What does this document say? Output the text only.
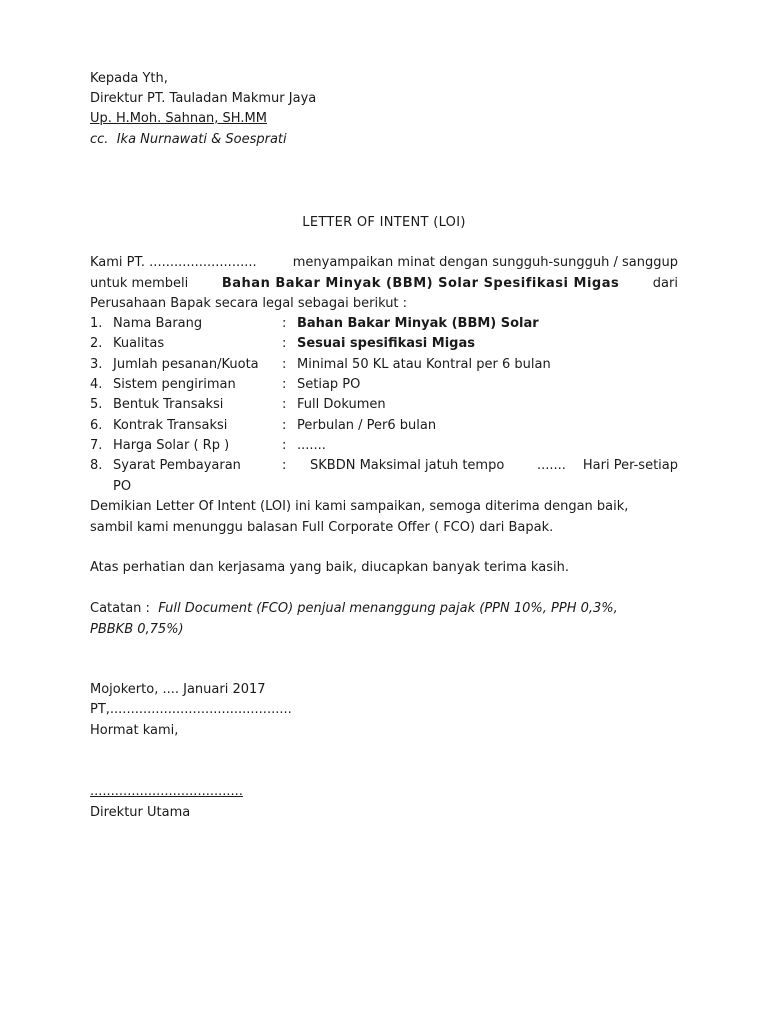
Kepada Yth,
Direktur PT. Tauladan Makmur Jaya
Up. H.Moh. Sahnan, SH.MM
cc. Ika Nurnawati & Soesprati
LETTER OF INTENT (LOI)
Kami PT. ..........................	menyampaikan minat dengan sungguh-sungguh / sanggup
untuk membeli	Bahan Bakar Minyak (BBM) Solar Spesifikasi Migas	dari
Perusahaan Bapak secara legal sebagai berikut :
1. Nama Barang	: Bahan Bakar Minyak (BBM) Solar
2. Kualitas	: Sesuai spesifikasi Migas
3. Jumlah pesanan/Kuota : Minimal 50 KL atau Kontral per 6 bulan
4. Sistem pengiriman	: Setiap PO
5. Bentuk Transaksi	: Full Dokumen
6. Kontrak Transaksi	: Perbulan / Per6 bulan
7. Harga Solar ( Rp )	: .......
8. Syarat Pembayaran	: SKBDN Maksimal jatuh tempo	....... Hari Per-setiap
PO
Demikian Letter Of Intent (LOI) ini kami sampaikan, semoga diterima dengan baik,
sambil kami menunggu balasan Full Corporate Offer ( FCO) dari Bapak.
Atas perhatian dan kerjasama yang baik, diucapkan banyak terima kasih.
Catatan : Full Document (FCO) penjual menanggung pajak (PPN 10%, PPH 0,3%,
PBBKB 0,75%)
Mojokerto, .... Januari 2017
PT,............................................
Hormat kami,
.....................................
Direktur Utama
